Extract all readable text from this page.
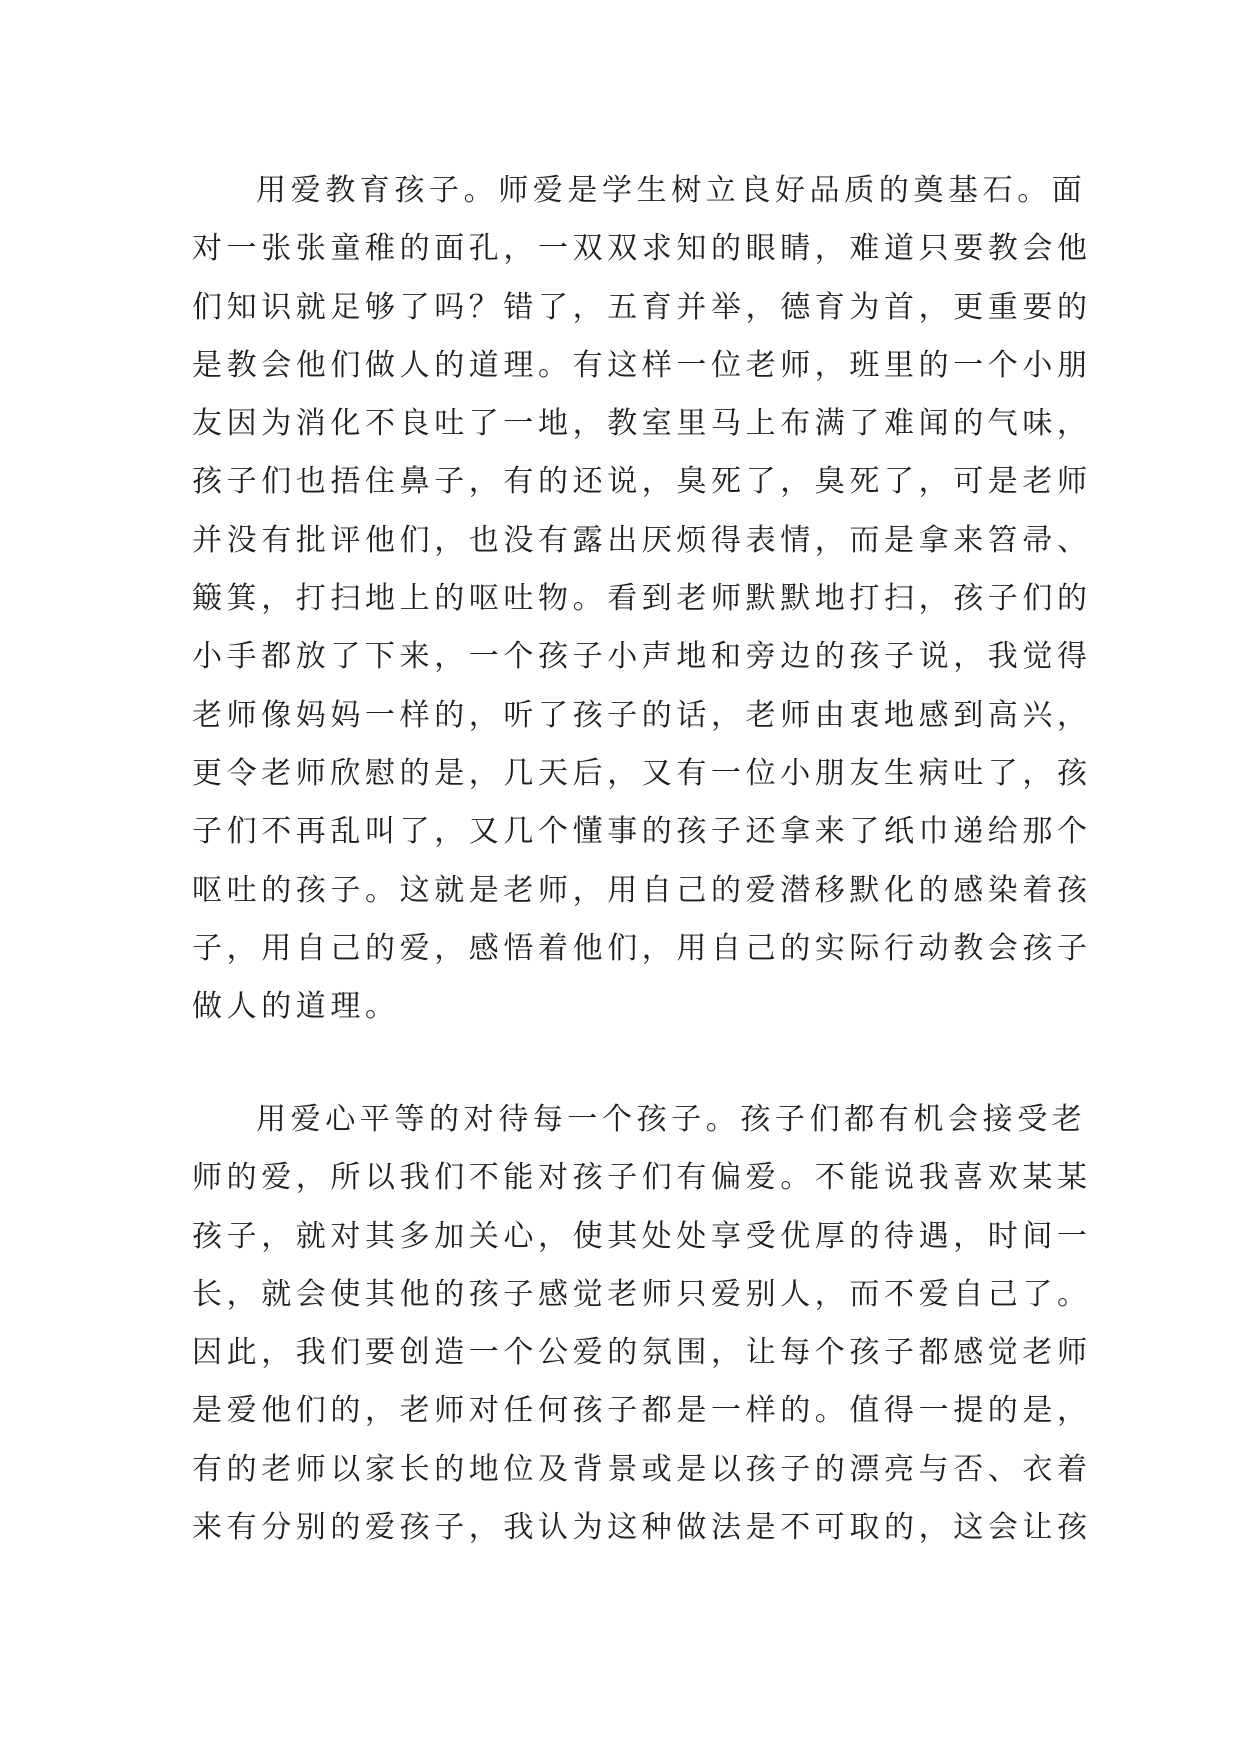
用爱教育孩子。师爱是学生树立良好品质的奠基石。面
对一张张童稚的面孔，一双双求知的眼睛，难道只要教会他
们知识就足够了吗？错了，五育并举，德育为首，更重要的
是教会他们做人的道理。有这样一位老师，班里的一个小朋
友因为消化不良吐了一地，教室里马上布满了难闻的气味，
孩子们也捂住鼻子，有的还说，臭死了，臭死了，可是老师
并没有批评他们，也没有露出厌烦得表情，而是拿来笤帚、
簸箕，打扫地上的呕吐物。看到老师默默地打扫，孩子们的
小手都放了下来，一个孩子小声地和旁边的孩子说，我觉得
老师像妈妈一样的，听了孩子的话，老师由衷地感到高兴，
更令老师欣慰的是，几天后，又有一位小朋友生病吐了，孩
子们不再乱叫了，又几个懂事的孩子还拿来了纸巾递给那个
呕吐的孩子。这就是老师，用自己的爱潜移默化的感染着孩
子，用自己的爱，感悟着他们，用自己的实际行动教会孩子
做人的道理。
用爱心平等的对待每一个孩子。孩子们都有机会接受老
师的爱，所以我们不能对孩子们有偏爱。不能说我喜欢某某
孩子，就对其多加关心，使其处处享受优厚的待遇，时间一
长，就会使其他的孩子感觉老师只爱别人，而不爱自己了。
因此，我们要创造一个公爱的氛围，让每个孩子都感觉老师
是爱他们的，老师对任何孩子都是一样的。值得一提的是，
有的老师以家长的地位及背景或是以孩子的漂亮与否、衣着
来有分别的爱孩子，我认为这种做法是不可取的，这会让孩
